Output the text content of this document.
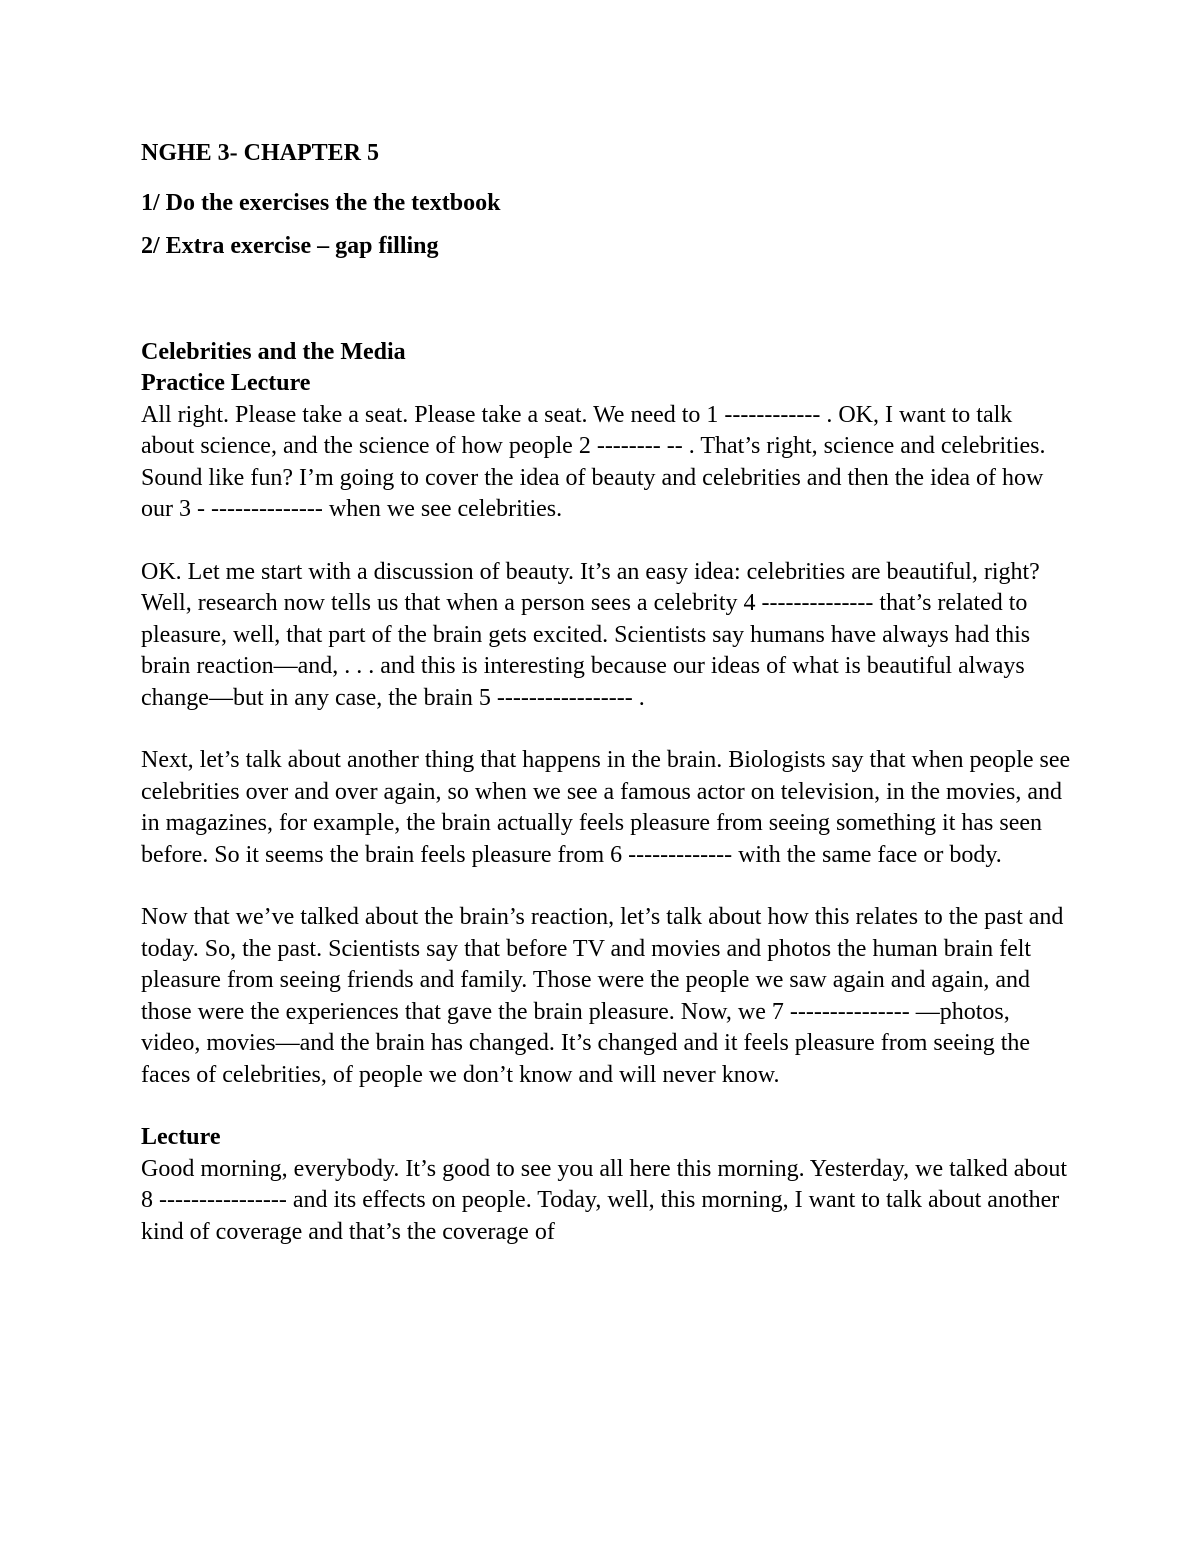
NGHE 3- CHAPTER 5
1/ Do the exercises the the textbook
2/ Extra exercise – gap filling
Celebrities and the Media
Practice Lecture
All right. Please take a seat. Please take a seat. We need to 1 ------------ . OK, I want to talk about science, and the science of how people 2 -------- -- . That’s right, science and celebrities. Sound like fun? I’m going to cover the idea of beauty and celebrities and then the idea of how our 3 - -------------- when we see celebrities.
OK. Let me start with a discussion of beauty. It’s an easy idea: celebrities are beautiful, right? Well, research now tells us that when a person sees a celebrity 4 -------------- that’s related to pleasure, well, that part of the brain gets excited. Scientists say humans have always had this brain reaction—and, . . . and this is interesting because our ideas of what is beautiful always change—but in any case, the brain 5 ----------------- .
Next, let’s talk about another thing that happens in the brain. Biologists say that when people see celebrities over and over again, so when we see a famous actor on television, in the movies, and in magazines, for example, the brain actually feels pleasure from seeing something it has seen before. So it seems the brain feels pleasure from 6 ------------- with the same face or body.
Now that we’ve talked about the brain’s reaction, let’s talk about how this relates to the past and today. So, the past. Scientists say that before TV and movies and photos the human brain felt pleasure from seeing friends and family. Those were the people we saw again and again, and those were the experiences that gave the brain pleasure. Now, we 7 --------------- —photos, video, movies—and the brain has changed. It’s changed and it feels pleasure from seeing the faces of celebrities, of people we don’t know and will never know.
Lecture
Good morning, everybody. It’s good to see you all here this morning. Yesterday, we talked about 8 ---------------- and its effects on people. Today, well, this morning, I want to talk about another kind of coverage and that’s the coverage of
